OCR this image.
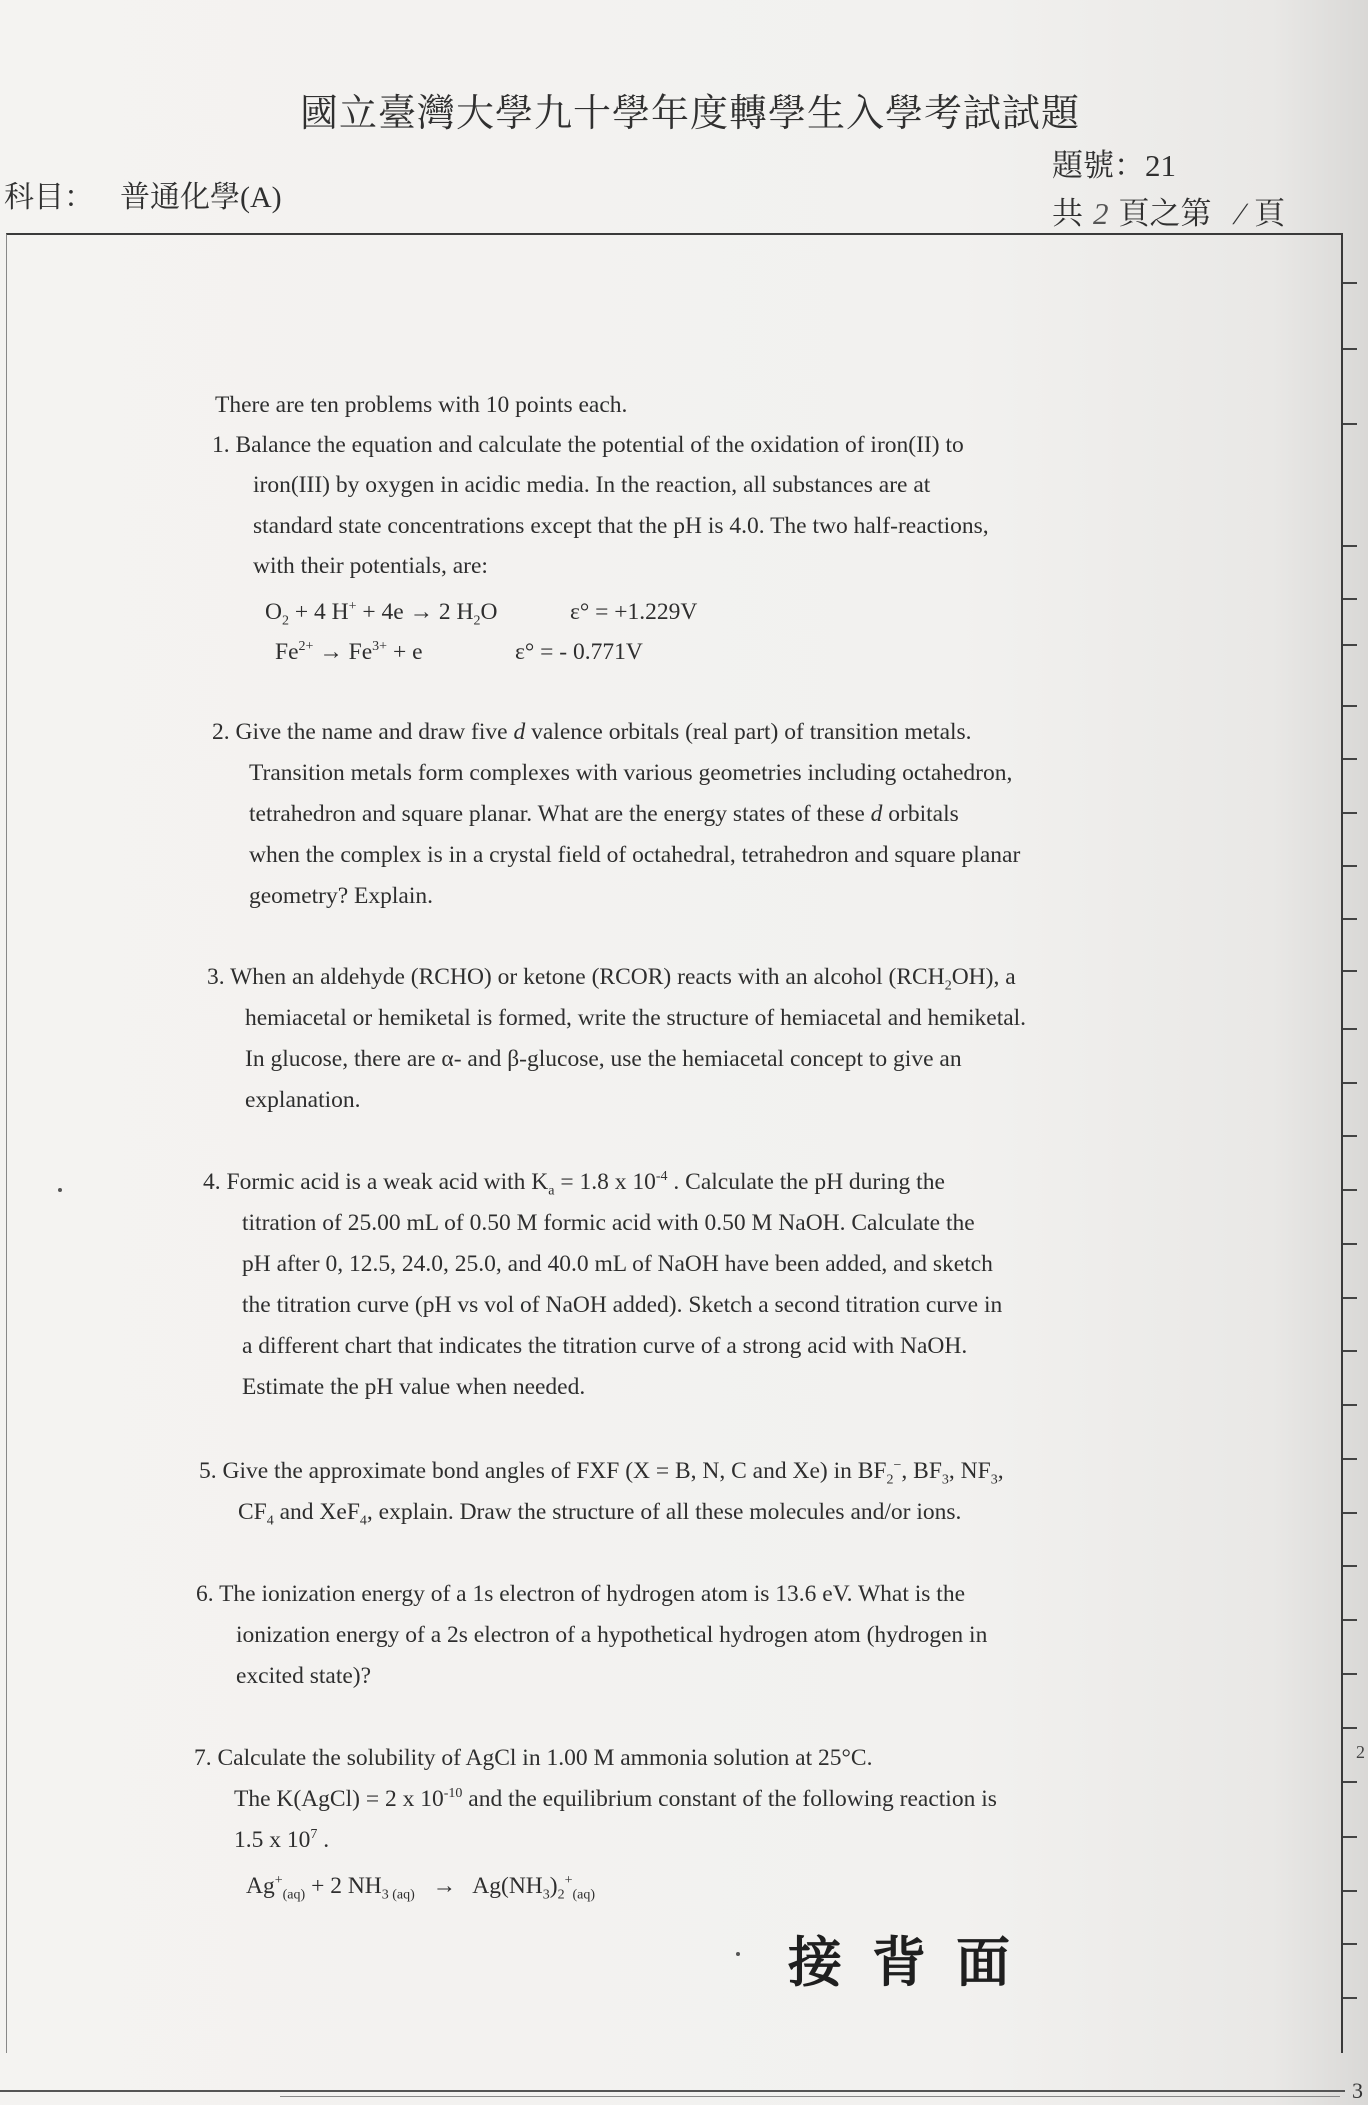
國立臺灣大學九十學年度轉學生入學考試試題
科目： 普通化學(A)
題號：21
共 2 頁之第 / 頁
2
3
There are ten problems with 10 points each.
1. Balance the equation and calculate the potential of the oxidation of iron(II) to
iron(III) by oxygen in acidic media. In the reaction, all substances are at
standard state concentrations except that the pH is 4.0. The two half-reactions,
with their potentials, are:
$O_2 + 4$ H+ + 4e → 2 $H_2O$	ε° = +1.229V
$Fe^{2+} \to Fe^{3+} + e$	ε° = - 0.771V
2. Give the name and draw five d valence orbitals (real part) of transition metals.
Transition metals form complexes with various geometries including octahedron,
tetrahedron and square planar. What are the energy states of these d orbitals
when the complex is in a crystal field of octahedral, tetrahedron and square planar
geometry? Explain.
3. When an aldehyde (RCHO) or ketone (RCOR) reacts with an alcohol $(RCH_2OH)$, a
hemiacetal or hemiketal is formed, write the structure of hemiacetal and hemiketal.
In glucose, there are α- and β-glucose, use the hemiacetal concept to give an
explanation.
4. Formic acid is a weak acid with $K_a = 1.8$ x $10^{-4}$ . Calculate the pH during the
titration of 25.00 mL of 0.50 M formic acid with 0.50 M NaOH. Calculate the
pH after 0, 12.5, 24.0, 25.0, and 40.0 mL of NaOH have been added, and sketch
the titration curve (pH vs vol of NaOH added). Sketch a second titration curve in
a different chart that indicates the titration curve of a strong acid with NaOH.
Estimate the pH value when needed.
5. Give the approximate bond angles of FXF (X = B, N, C and Xe) in $BF_2^-$, $BF_3$, $NF_3$,
$CF_4$ and XeF$_4$, explain. Draw the structure of all these molecules and/or ions.
6. The ionization energy of a 1s electron of hydrogen atom is 13.6 eV. What is the
ionization energy of a 2s electron of a hypothetical hydrogen atom (hydrogen in
excited state)?
7. Calculate the solubility of AgCl in 1.00 M ammonia solution at 25°C.
The K(AgCl) = 2 x $10^{-10}$ and the equilibrium constant of the following reaction is
1.5 x $10^7$ .
$Ag^+_{(aq)} + 2$ $NH_{3 (aq)} \to Ag(NH_3)_2^+_{(aq)}$
接背面
